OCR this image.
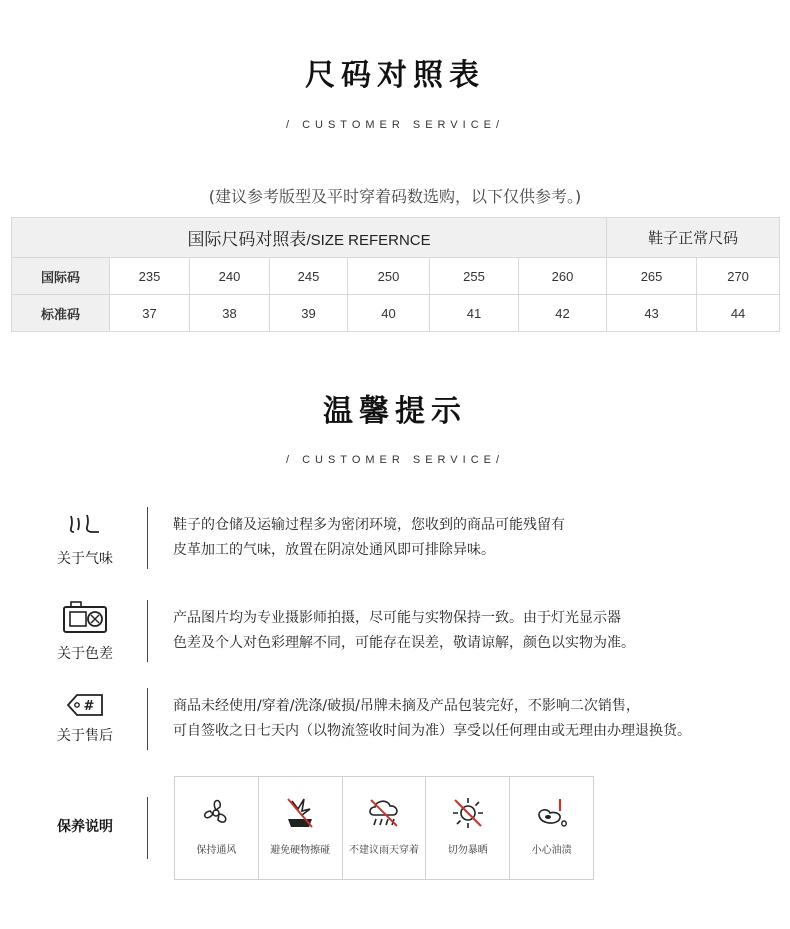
尺码对照表
/ CUSTOMER SERVICE/
(建议参考版型及平时穿着码数选购，以下仅供参考。)
国际尺码对照表/SIZE REFERNCE							鞋子正常尺码	
国际码	235	240	245	250	255	260	265	270
标准码	37	38	39	40	41	42	43	44
温馨提示
/ CUSTOMER SERVICE/
关于气味
鞋子的仓储及运输过程多为密闭环境，您收到的商品可能残留有
皮革加工的气味，放置在阴凉处通风即可排除异味。
关于色差
产品图片均为专业摄影师拍摄，尽可能与实物保持一致。由于灯光显示器
色差及个人对色彩理解不同，可能存在误差，敬请谅解，颜色以实物为准。
#
关于售后
商品未经使用/穿着/洗涤/破损/吊牌未摘及产品包装完好，不影响二次销售，
可自签收之日七天内（以物流签收时间为准）享受以任何理由或无理由办理退换货。
保养说明
保持通风	避免硬物擦碰 不建议雨天穿着	切勿暴晒	小心油渍
